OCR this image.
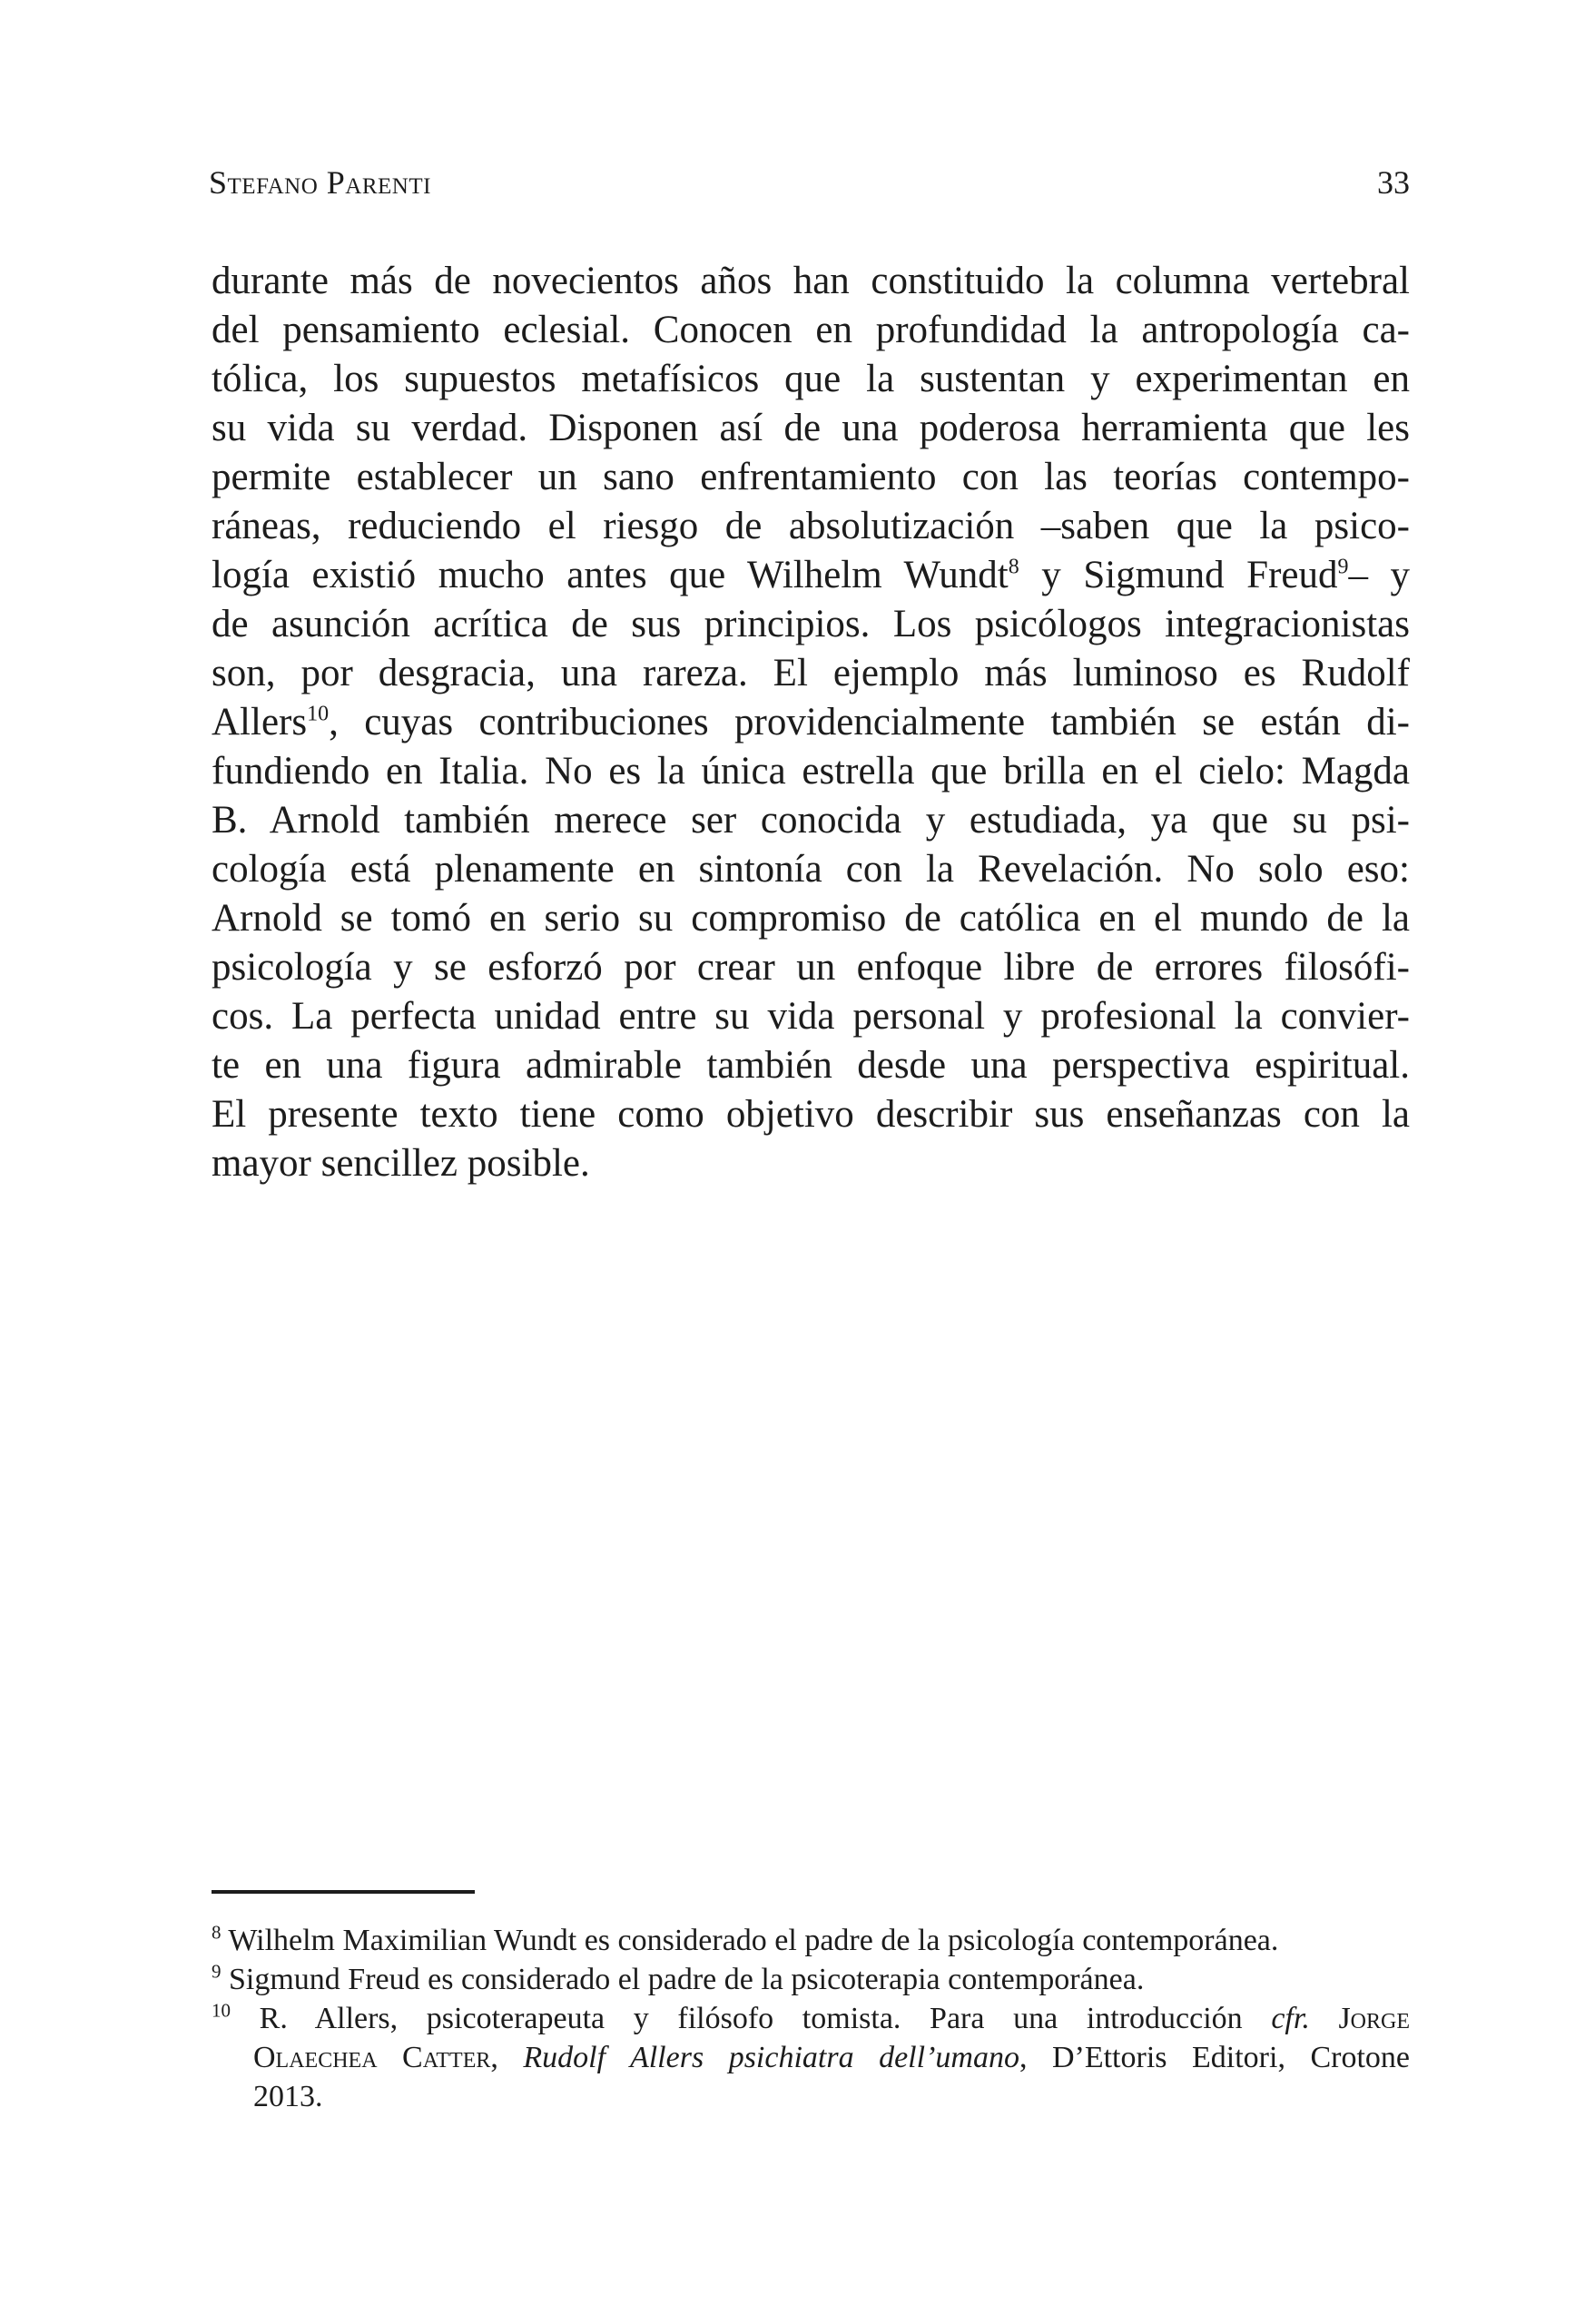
Stefano Parenti	33
durante más de novecientos años han constituido la columna vertebral
del pensamiento eclesial. Conocen en profundidad la antropología ca-
tólica, los supuestos metafísicos que la sustentan y experimentan en
su vida su verdad. Disponen así de una poderosa herramienta que les
permite establecer un sano enfrentamiento con las teorías contempo-
ráneas, reduciendo el riesgo de absolutización –saben que la psico-
logía existió mucho antes que Wilhelm Wundt$^8$ y Sigmund Freud$^9$– y
de asunción acrítica de sus principios. Los psicólogos integracionistas
son, por desgracia, una rareza. El ejemplo más luminoso es Rudolf
Allers$^{10}$, cuyas contribuciones providencialmente también se están di-
fundiendo en Italia. No es la única estrella que brilla en el cielo: Magda
B. Arnold también merece ser conocida y estudiada, ya que su psi-
cología está plenamente en sintonía con la Revelación. No solo eso:
Arnold se tomó en serio su compromiso de católica en el mundo de la
psicología y se esforzó por crear un enfoque libre de errores filosófi-
cos. La perfecta unidad entre su vida personal y profesional la convier-
te en una figura admirable también desde una perspectiva espiritual.
El presente texto tiene como objetivo describir sus enseñanzas con la
mayor sencillez posible.
$^8$ Wilhelm Maximilian Wundt es considerado el padre de la psicología contemporánea.
$^9$ Sigmund Freud es considerado el padre de la psicoterapia contemporánea.
$^{10}$ R. Allers, psicoterapeuta y filósofo tomista. Para una introducción cfr. Jorge
Olaechea Catter, Rudolf Allers psichiatra dell’umano, D’Ettoris Editori, Crotone
2013.
